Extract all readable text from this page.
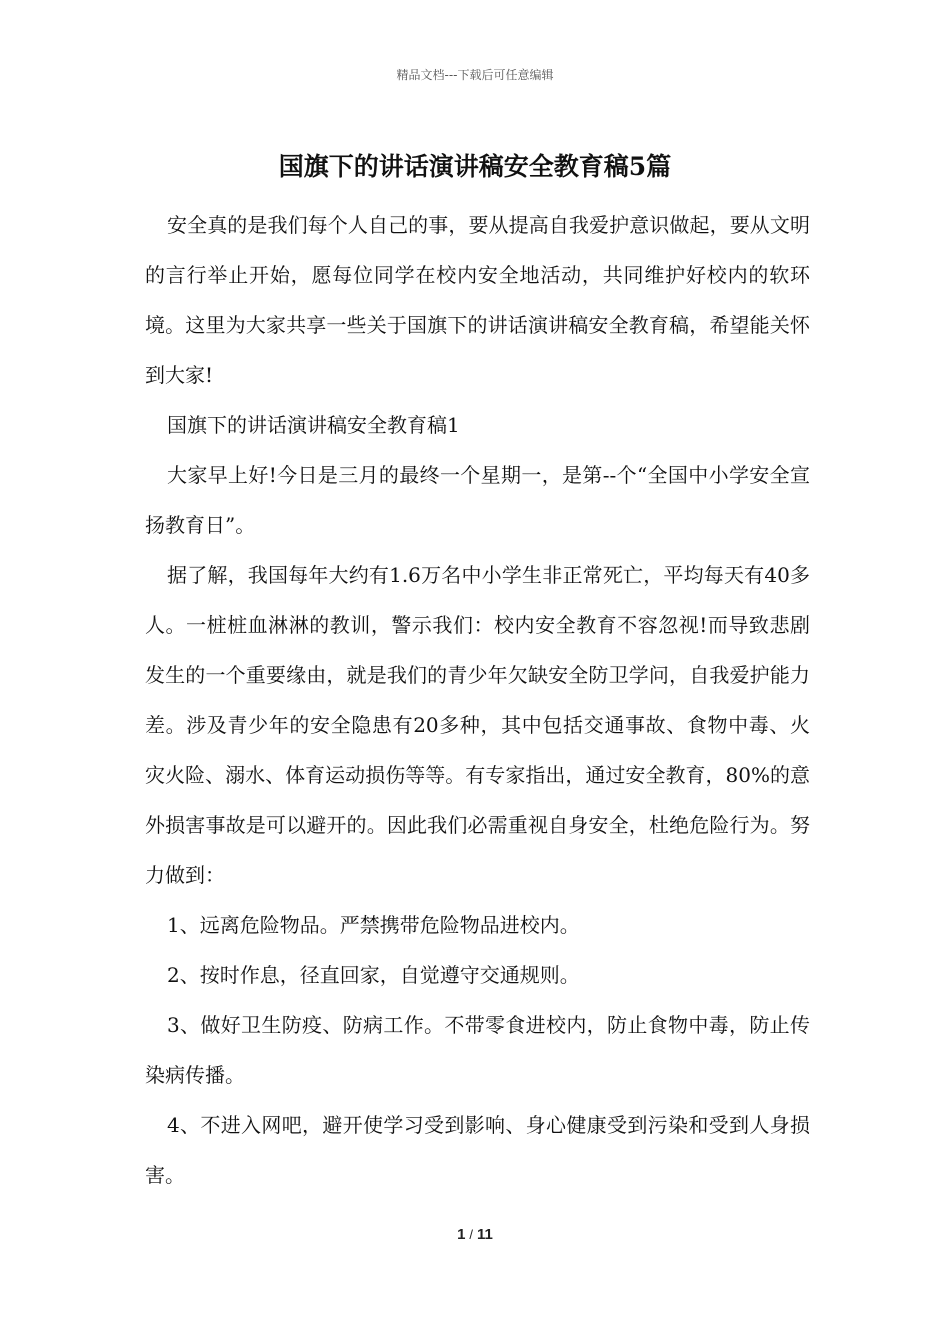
精品文档---下载后可任意编辑
国旗下的讲话演讲稿安全教育稿5篇

安全真的是我们每个人自己的事，要从提高自我爱护意识做起，要从文明的言行举止开始，愿每位同学在校内安全地活动，共同维护好校内的软环境。这里为大家共享一些关于国旗下的讲话演讲稿安全教育稿，希望能关怀到大家!

国旗下的讲话演讲稿安全教育稿1

大家早上好!今日是三月的最终一个星期一，是第--个“全国中小学安全宣扬教育日”。

据了解，我国每年大约有1.6万名中小学生非正常死亡，平均每天有40多人。一桩桩血淋淋的教训，警示我们：校内安全教育不容忽视!而导致悲剧发生的一个重要缘由，就是我们的青少年欠缺安全防卫学问，自我爱护能力差。涉及青少年的安全隐患有20多种，其中包括交通事故、食物中毒、火灾火险、溺水、体育运动损伤等等。有专家指出，通过安全教育，80%的意外损害事故是可以避开的。因此我们必需重视自身安全，杜绝危险行为。努力做到：

1、远离危险物品。严禁携带危险物品进校内。

2、按时作息，径直回家，自觉遵守交通规则。

3、做好卫生防疫、防病工作。不带零食进校内，防止食物中毒，防止传染病传播。

4、不进入网吧，避开使学习受到影响、身心健康受到污染和受到人身损害。

1 / 11
